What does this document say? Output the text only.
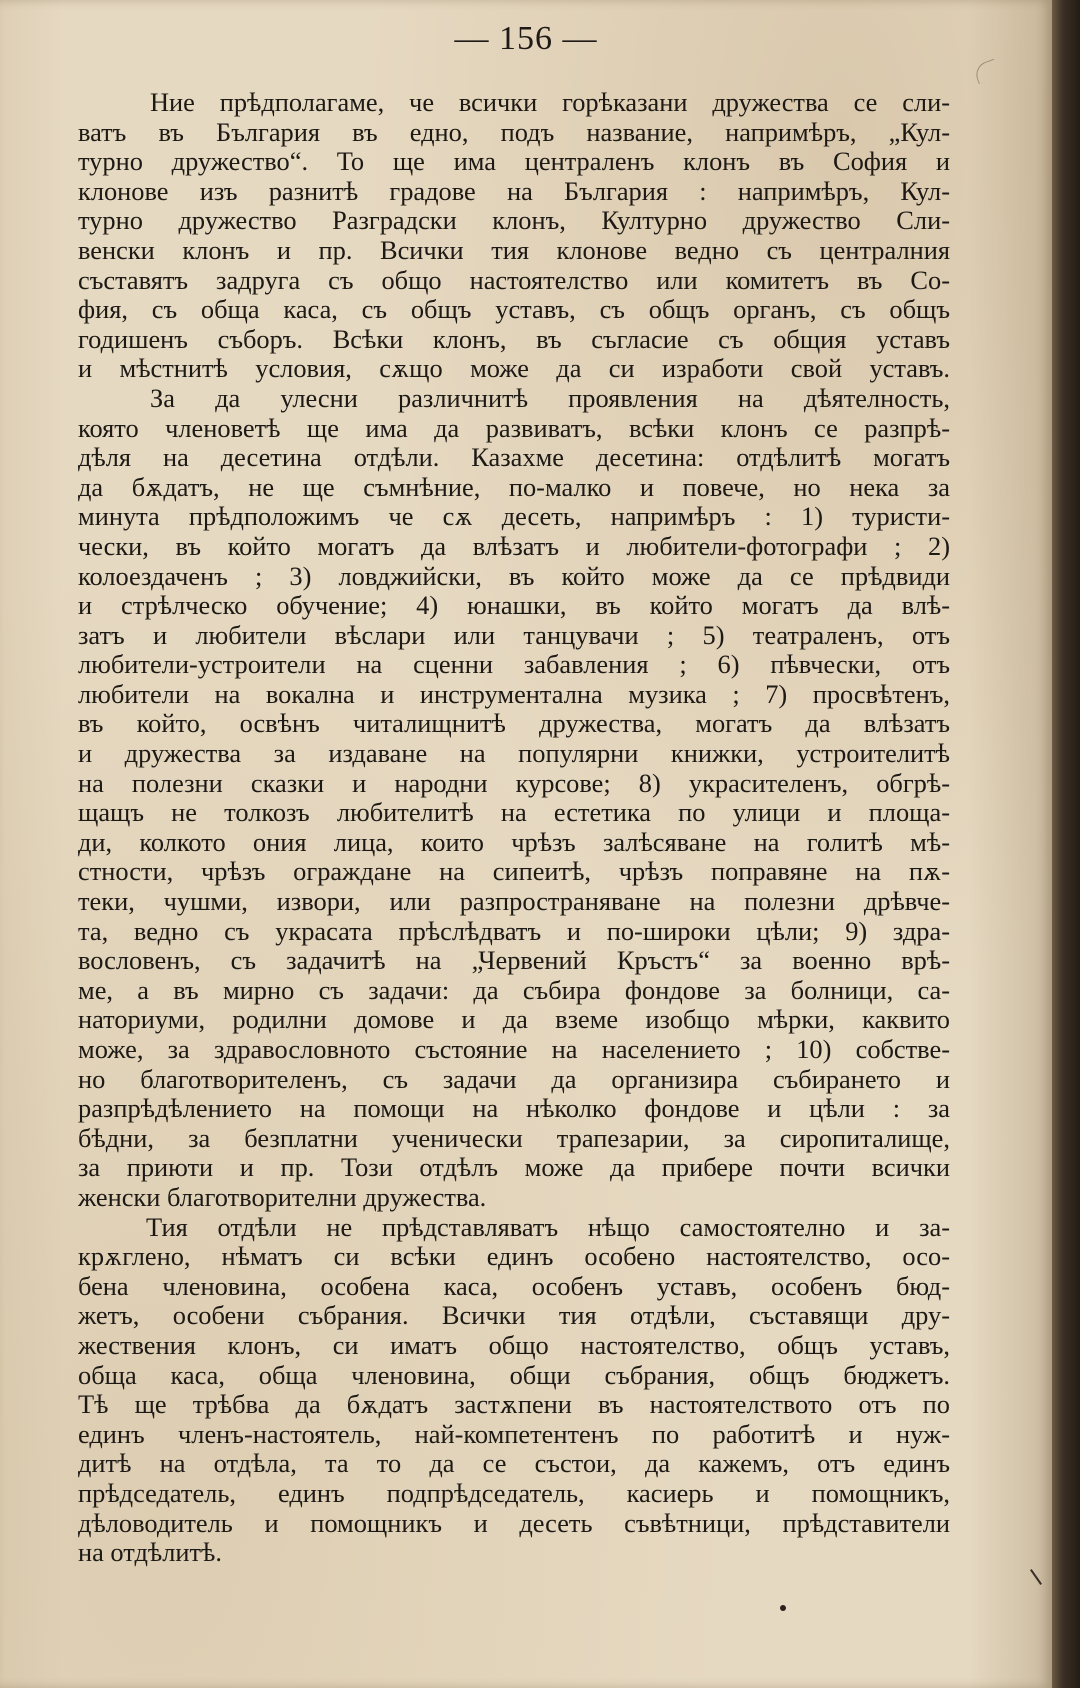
— 156 —
Ние прѣдполагаме, че всички горѣказани дружества се сли-
ватъ въ България въ едно, подъ название, напримѣръ, „Кул-
турно дружество“. То ще има централенъ клонъ въ София и
клонове изъ разнитѣ градове на България : напримѣръ, Кул-
турно дружество Разградски клонъ, Културно дружество Сли-
венски клонъ и пр. Всички тия клонове ведно съ централния
съставятъ задруга съ общо настоятелство или комитетъ въ Со-
фия, съ обща каса, съ общъ уставъ, съ общъ органъ, съ общъ
годишенъ съборъ. Всѣки клонъ, въ съгласие съ общия уставъ
и мѣстнитѣ условия, сѫщо може да си изработи свой уставъ.
За да улесни различнитѣ проявления на дѣятелность,
която членоветѣ ще има да развиватъ, всѣки клонъ се разпрѣ-
дѣля на десетина отдѣли. Казахме десетина: отдѣлитѣ могатъ
да бѫдатъ, не ще съмнѣние, по-малко и повече, но нека за
минута прѣдположимъ че сѫ десеть, напримѣръ : 1) туристи-
чески, въ който могатъ да влѣзатъ и любители-фотографи ; 2)
колоездаченъ ; 3) ловджийски, въ който може да се прѣдвиди
и стрѣлческо обучение; 4) юнашки, въ който могатъ да влѣ-
затъ и любители вѣслари или танцувачи ; 5) театраленъ, отъ
любители-устроители на сценни забавления ; 6) пѣвчески, отъ
любители на вокална и инструментална музика ; 7) просвѣтенъ,
въ който, освѣнъ читалищнитѣ дружества, могатъ да влѣзатъ
и дружества за издаване на популярни книжки, устроителитѣ
на полезни сказки и народни курсове; 8) украсителенъ, обгрѣ-
щащъ не толкозъ любителитѣ на естетика по улици и площа-
ди, колкото ония лица, които чрѣзъ залѣсяване на голитѣ мѣ-
стности, чрѣзъ ограждане на сипеитѣ, чрѣзъ поправяне на пѫ-
теки, чушми, извори, или разпространяване на полезни дрѣвче-
та, ведно съ украсата прѣслѣдватъ и по-широки цѣли; 9) здра-
вословенъ, съ задачитѣ на „Червений Кръстъ“ за военно врѣ-
ме, а въ мирно съ задачи: да събира фондове за болници, са-
наториуми, родилни домове и да вземе изобщо мѣрки, каквито
може, за здравословното състояние на населението ; 10) собстве-
но благотворителенъ, съ задачи да организира събирането и
разпрѣдѣлението на помощи на нѣколко фондове и цѣли : за
бѣдни, за безплатни ученически трапезарии, за сиропиталище,
за приюти и пр. Този отдѣлъ може да прибере почти всички
женски благотворителни дружества.
Тия отдѣли не прѣдставляватъ нѣщо самостоятелно и за-
крѫглено, нѣматъ си всѣки единъ особено настоятелство, осо-
бена членовина, особена каса, особенъ уставъ, особенъ бюд-
жетъ, особени събрания. Всички тия отдѣли, съставящи дру-
жествения клонъ, си иматъ общо настоятелство, общъ уставъ,
обща каса, обща членовина, общи събрания, общъ бюджетъ.
Тѣ ще трѣбва да бѫдатъ застѫпени въ настоятелството отъ по
единъ членъ-настоятель, най-компетентенъ по работитѣ и нуж-
дитѣ на отдѣла, та то да се състои, да кажемъ, отъ единъ
прѣдседатель, единъ подпрѣдседатель, касиерь и помощникъ,
дѣловодитель и помощникъ и десеть съвѣтници, прѣдставители
на отдѣлитѣ.
